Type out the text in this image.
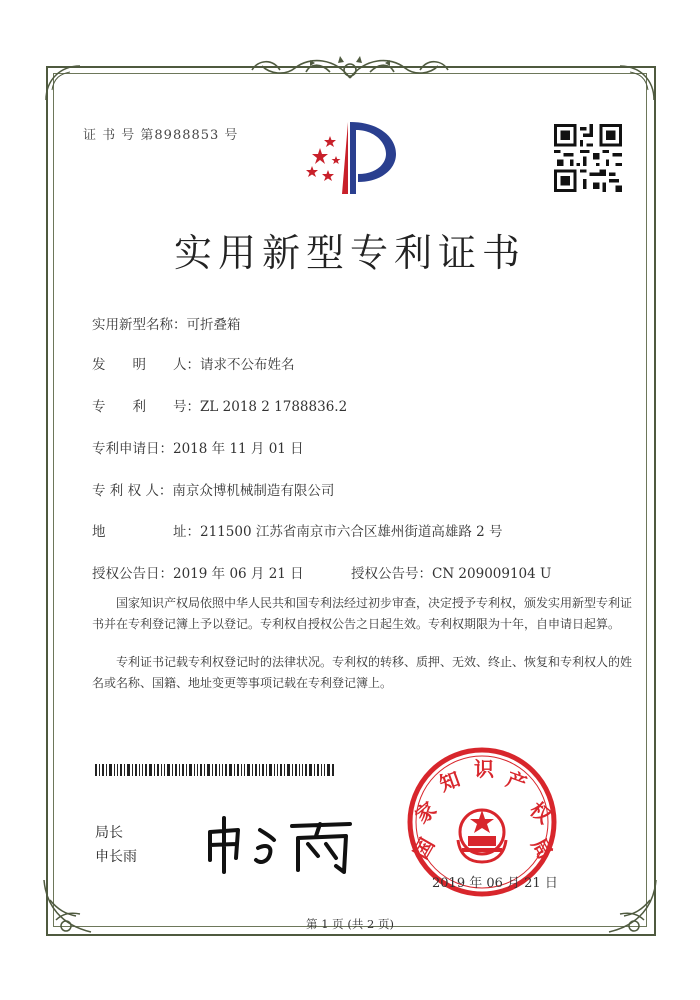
证 书 号 第8988853 号
实用新型专利证书
实用新型名称：可折叠箱
发　　明　　人：请求不公布姓名
专　　利　　号：ZL 2018 2 1788836.2
专利申请日：2018 年 11 月 01 日
专 利 权 人：南京众博机械制造有限公司
地　　　　　址：211500 江苏省南京市六合区雄州街道高雄路 2 号
授权公告日：2019 年 06 月 21 日	授权公告号：CN 209009104 U
国家知识产权局依照中华人民共和国专利法经过初步审查，决定授予专利权，颁发实用新型专利证书并在专利登记簿上予以登记。专利权自授权公告之日起生效。专利权期限为十年，自申请日起算。
专利证书记载专利权登记时的法律状况。专利权的转移、质押、无效、终止、恢复和专利权人的姓名或名称、国籍、地址变更等事项记载在专利登记簿上。
局长
申长雨	国
家
知 识 产
权
局
2019 年 06 月 21 日
第 1 页 (共 2 页)
